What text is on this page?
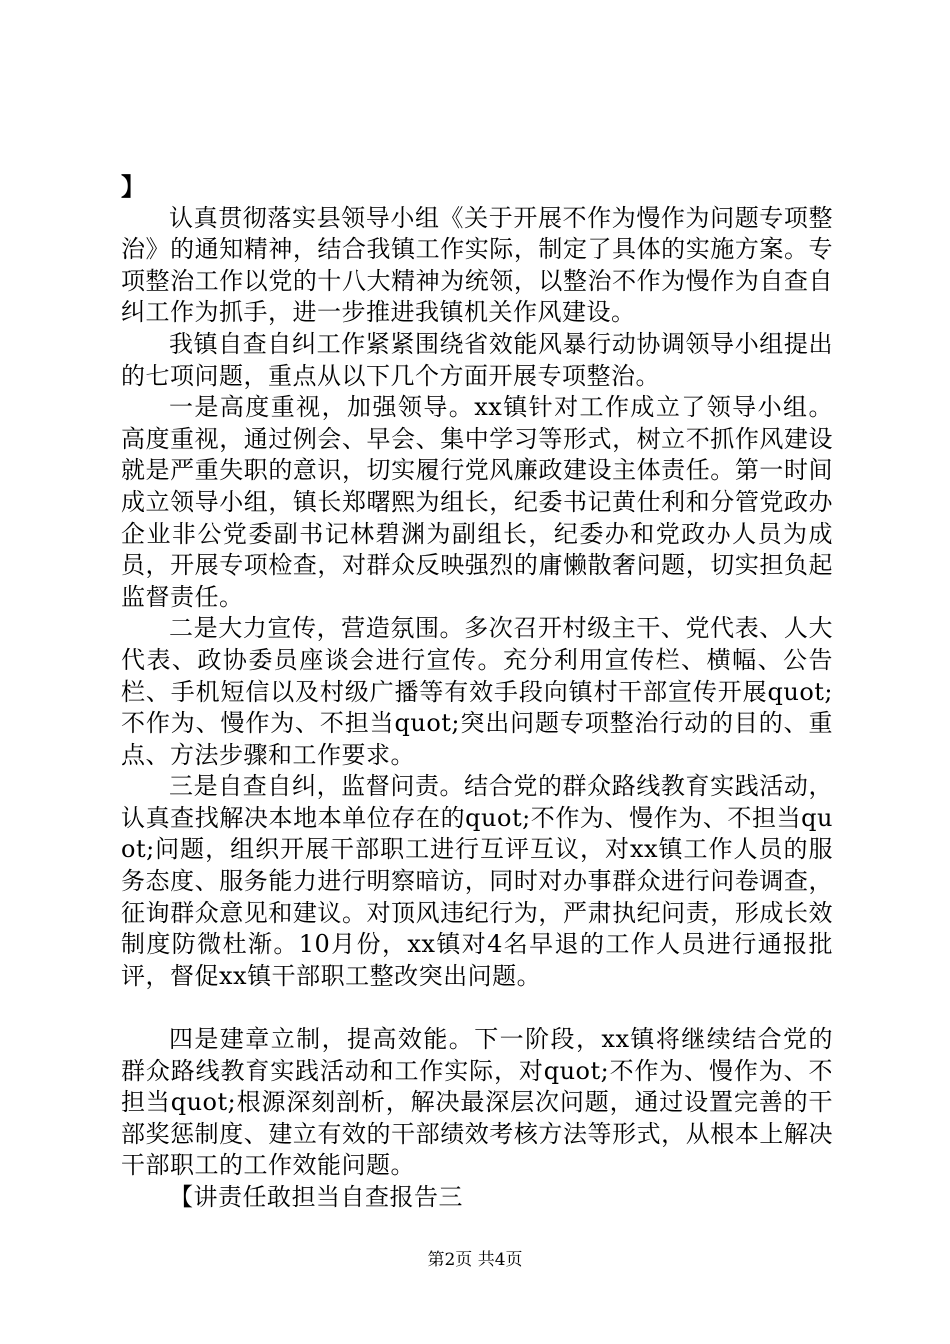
】

认真贯彻落实县领导小组《关于开展不作为慢作为问题专项整治》的通知精神，结合我镇工作实际，制定了具体的实施方案。专项整治工作以党的十八大精神为统领，以整治不作为慢作为自查自纠工作为抓手，进一步推进我镇机关作风建设。

我镇自查自纠工作紧紧围绕省效能风暴行动协调领导小组提出的七项问题，重点从以下几个方面开展专项整治。

一是高度重视，加强领导。xx镇针对工作成立了领导小组。高度重视，通过例会、早会、集中学习等形式，树立不抓作风建设就是严重失职的意识，切实履行党风廉政建设主体责任。第一时间成立领导小组，镇长郑曙熙为组长，纪委书记黄仕利和分管党政办企业非公党委副书记林碧渊为副组长，纪委办和党政办人员为成员，开展专项检查，对群众反映强烈的庸懒散奢问题，切实担负起监督责任。

二是大力宣传，营造氛围。多次召开村级主干、党代表、人大代表、政协委员座谈会进行宣传。充分利用宣传栏、横幅、公告栏、手机短信以及村级广播等有效手段向镇村干部宣传开展quot;不作为、慢作为、不担当quot;突出问题专项整治行动的目的、重点、方法步骤和工作要求。

三是自查自纠，监督问责。结合党的群众路线教育实践活动，认真查找解决本地本单位存在的quot;不作为、慢作为、不担当quot;问题，组织开展干部职工进行互评互议，对xx镇工作人员的服务态度、服务能力进行明察暗访，同时对办事群众进行问卷调查，征询群众意见和建议。对顶风违纪行为，严肃执纪问责，形成长效制度防微杜渐。10月份，xx镇对4名早退的工作人员进行通报批评，督促xx镇干部职工整改突出问题。

四是建章立制，提高效能。下一阶段，xx镇将继续结合党的群众路线教育实践活动和工作实际，对quot;不作为、慢作为、不担当quot;根源深刻剖析，解决最深层次问题，通过设置完善的干部奖惩制度、建立有效的干部绩效考核方法等形式，从根本上解决干部职工的工作效能问题。

【讲责任敢担当自查报告三

第2页 共4页
